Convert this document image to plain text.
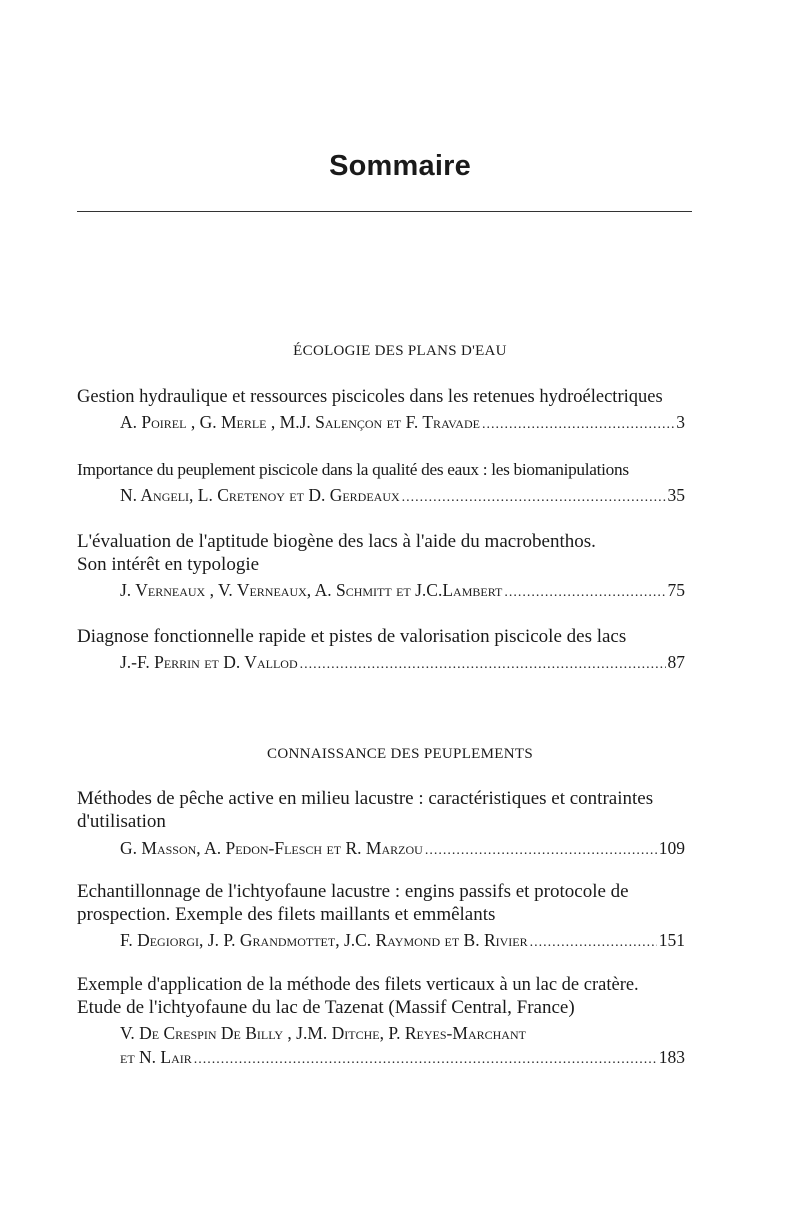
Sommaire
ÉCOLOGIE DES PLANS D'EAU
Gestion hydraulique et ressources piscicoles dans les retenues hydroélectriques
A. Poirel , G. Merle , M.J. Salençon et F. Travade .....	3
Importance du peuplement piscicole dans la qualité des eaux : les biomanipulations
N. Angeli, L. Cretenoy et D. Gerdeaux .....	35
L'évaluation de l'aptitude biogène des lacs à l'aide du macrobenthos.
Son intérêt en typologie
J. Verneaux , V. Verneaux, A. Schmitt et J.C.Lambert .....	75
Diagnose fonctionnelle rapide et pistes de valorisation piscicole des lacs
J.-F. Perrin et D. Vallod .....	87
CONNAISSANCE DES PEUPLEMENTS
Méthodes de pêche active en milieu lacustre : caractéristiques et contraintes
d'utilisation
G. Masson, A. Pedon-Flesch et R. Marzou .....	109
Echantillonnage de l'ichtyofaune lacustre : engins passifs et protocole de
prospection. Exemple des filets maillants et emmêlants
F. Degiorgi, J. P. Grandmottet, J.C. Raymond et B. Rivier .....	151
Exemple d'application de la méthode des filets verticaux à un lac de cratère.
Etude de l'ichtyofaune du lac de Tazenat (Massif Central, France)
V. De Crespin De Billy , J.M. Ditche, P. Reyes-Marchant
et N. Lair .....	183
